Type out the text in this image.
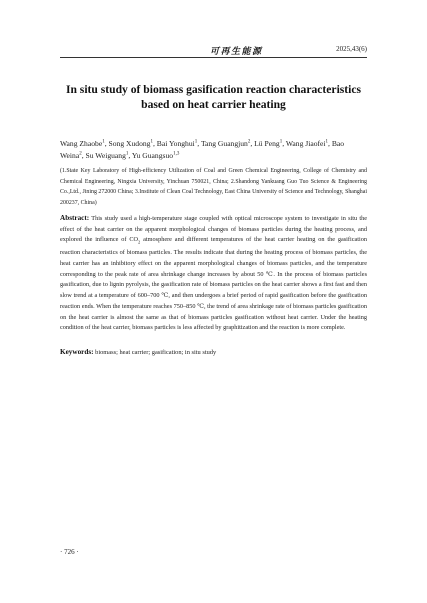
可再生能源	2025,43(6)
In situ study of biomass gasification reaction characteristics
based on heat carrier heating
Wang Zhaobe$^1$, Song Xudong$^1$, Bai Yonghui$^1$, Tang Guangjun$^2$, Lü Peng$^1$, Wang Jiaofei$^1$, Bao Weina$^2$, Su Weiguang$^1$, Yu Guangsuo$^{1,3}$
(1.State Key Laboratory of High-efficiency Utilization of Coal and Green Chemical Engineering, College of Chemistry and Chemical Engineering, Ningxia University, Yinchuan 750021, China; 2.Shandong Yankuang Guo Tuo Science & Engineering Co.,Ltd., Jining 272000 China; 3.Institute of Clean Coal Technology, East China University of Science and Technology, Shanghai 200237, China)
Abstract: This study used a high-temperature stage coupled with optical microscope system to investigate in situ the effect of the heat carrier on the apparent morphological changes of biomass particles during the heating process, and explored the influence of $CO_2$ atmosphere and different temperatures of the heat carrier heating on the gasification reaction characteristics of biomass particles. The results indicate that during the heating process of biomass particles, the heat carrier has an inhibitory effect on the apparent morphological changes of biomass particles, and the temperature corresponding to the peak rate of area shrinkage change increases by about 50 ℃. In the process of biomass particles gasification, due to lignin pyrolysis, the gasification rate of biomass particles on the heat carrier shows a first fast and then slow trend at a temperature of 600–700 ℃, and then undergoes a brief period of rapid gasification before the gasification reaction ends. When the temperature reaches 750–850 ℃, the trend of area shrinkage rate of biomass particles gasification on the heat carrier is almost the same as that of biomass particles gasification without heat carrier. Under the heating condition of the heat carrier, biomass particles is less affected by graphitization and the reaction is more complete.
Keywords: biomass; heat carrier; gasification; in situ study
· 726 ·
